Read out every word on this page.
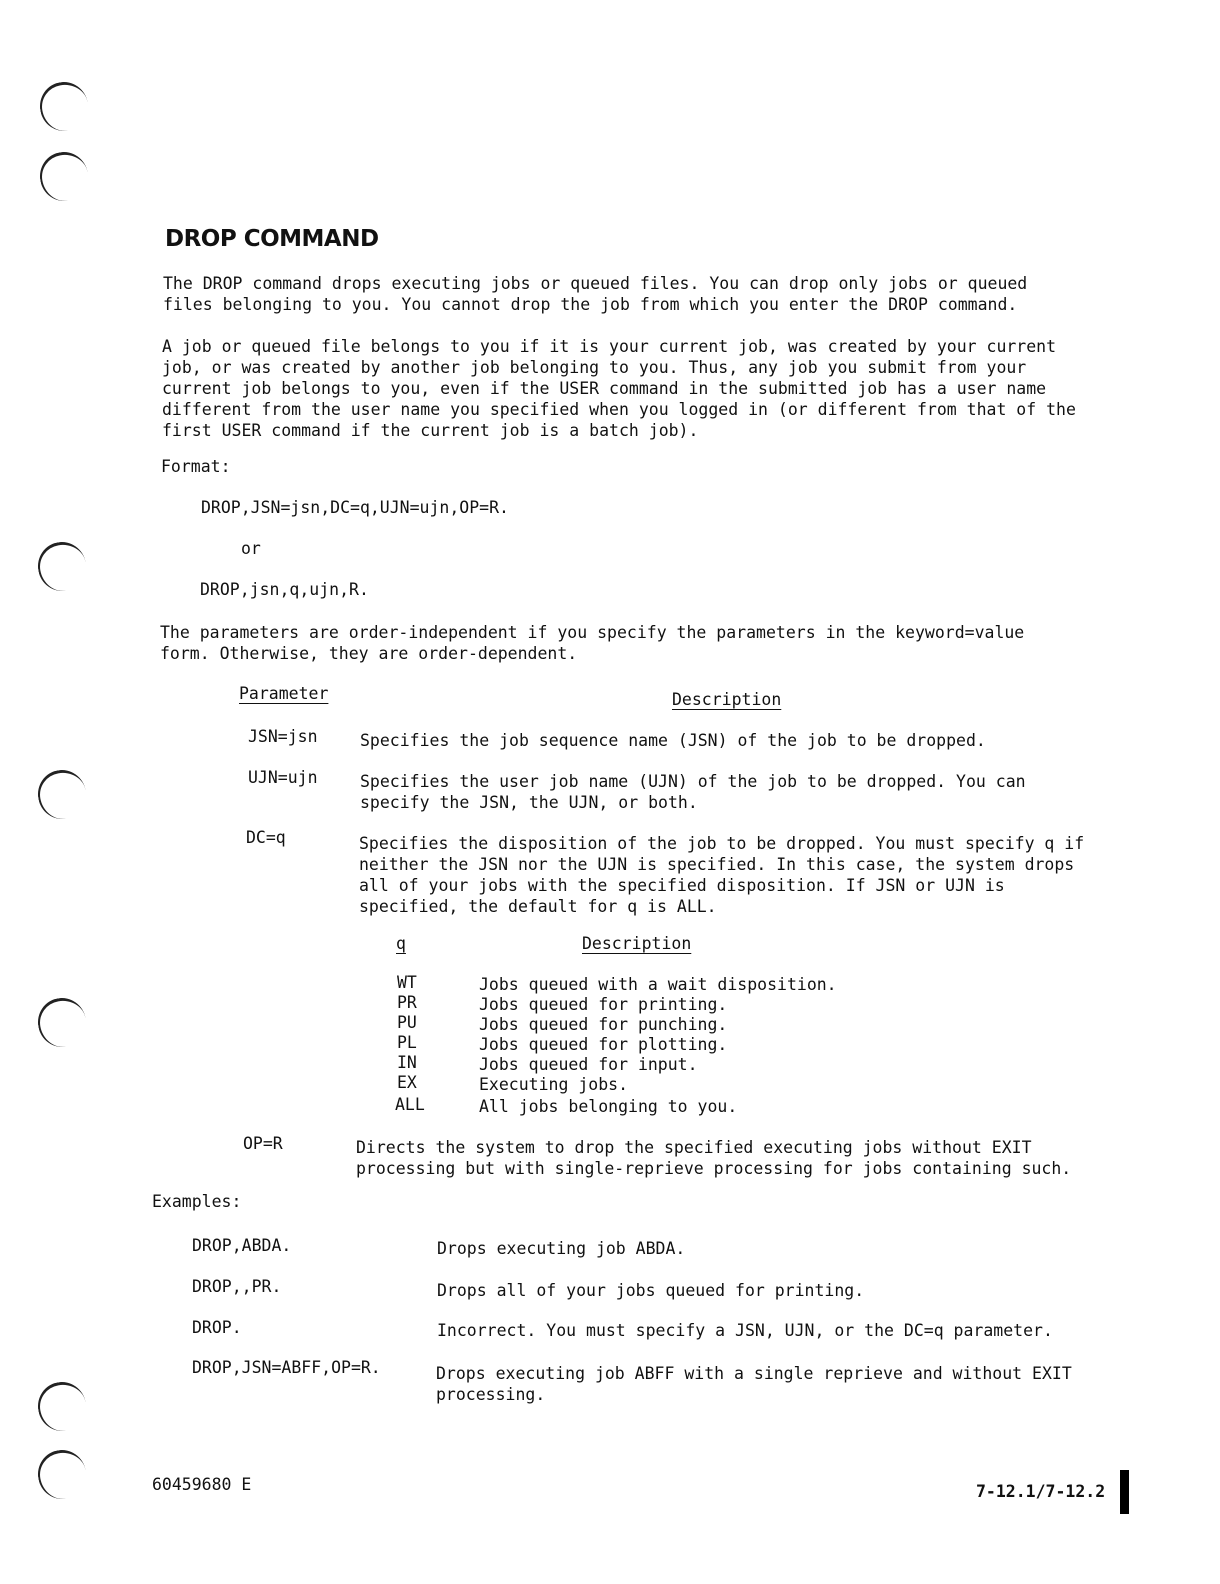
DROP COMMAND
The DROP command drops executing jobs or queued files. You can drop only jobs or queued files belonging to you. You cannot drop the job from which you enter the DROP command.
A job or queued file belongs to you if it is your current job, was created by your current job, or was created by another job belonging to you. Thus, any job you submit from your current job belongs to you, even if the USER command in the submitted job has a user name different from the user name you specified when you logged in (or different from that of the first USER command if the current job is a batch job).
Format:
DROP,JSN=jsn,DC=q,UJN=ujn,OP=R.
or
DROP,jsn,q,ujn,R.
The parameters are order-independent if you specify the parameters in the keyword=value form. Otherwise, they are order-dependent.
Parameter	Description
JSN=jsn	Specifies the job sequence name (JSN) of the job to be dropped.
UJN=ujn	Specifies the user job name (UJN) of the job to be dropped. You can specify the JSN, the UJN, or both.
DC=q	Specifies the disposition of the job to be dropped. You must specify q if neither the JSN nor the UJN is specified. In this case, the system drops all of your jobs with the specified disposition. If JSN or UJN is specified, the default for q is ALL.
q	Description
WT	Jobs queued with a wait disposition.
PR	Jobs queued for printing.
PU	Jobs queued for punching.
PL	Jobs queued for plotting.
IN	Jobs queued for input.
EX	Executing jobs.
ALL	All jobs belonging to you.
OP=R	Directs the system to drop the specified executing jobs without EXIT processing but with single-reprieve processing for jobs containing such.
Examples:
DROP,ABDA.	Drops executing job ABDA.
DROP,,PR.	Drops all of your jobs queued for printing.
DROP.	Incorrect. You must specify a JSN, UJN, or the DC=q parameter.
DROP,JSN=ABFF,OP=R.	Drops executing job ABFF with a single reprieve and without EXIT processing.
60459680 E	7-12.1/7-12.2
